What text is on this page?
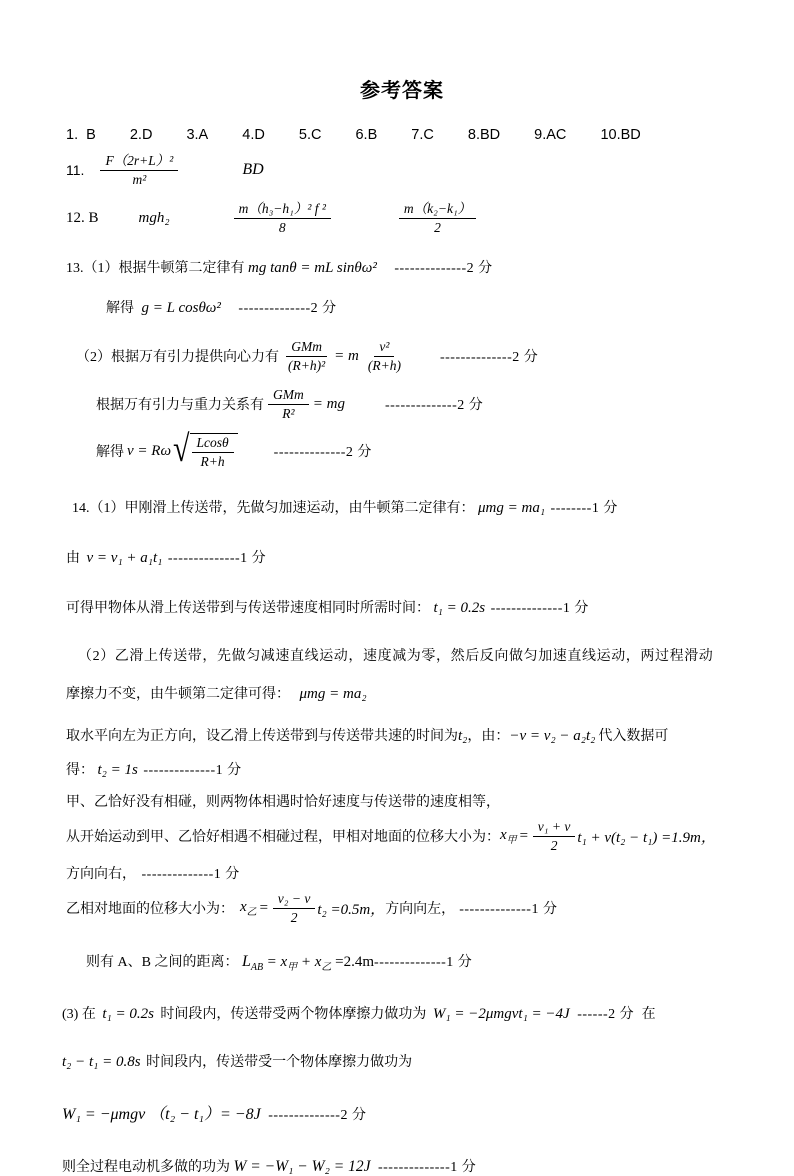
参考答案
1.  B 2.D 3.A 4.D 5.C 6.B 7.C 8.BD 9.AC 10.BD
11. $\frac{\text{F（2r+L）²}}{\text{m²}}$	BD
12. B	mgh₂	$\frac{\text{m（h₃−h₁）² f ²}}{8}$	$\frac{\text{m（k₂−k₁）}}{2}$

13.（1）根据牛顿第二定律有 mg tanθ = mL sinθω² --------------2 分

解得 g = L cosθω² --------------2 分

（2）根据万有引力提供向心力有 $\frac{\text{GMm}}{\text{(R+h)²}} = m \frac{\text{v²}}{(R+h)} --------------2$ 分
根据万有引力与重力关系有 $\frac{\text{GMm}}{\text{R²}}$ = mg	--------------2 分
解得 v = Rω √ $\frac{Lcos\theta}{R+h}$	--------------2 分

14.（1）甲刚滑上传送带，先做匀加速运动，由牛顿第二定律有： μmg = ma₁ --------1 分

由 v = v₁ + a₁t₁ --------------1 分

可得甲物体从滑上传送带到与传送带速度相同时所需时间： t₁ = 0.2s --------------1 分

（2）乙滑上传送带，先做匀减速直线运动，速度减为零，然后反向做匀加速直线运动，两过程滑动

摩擦力不变，由牛顿第二定律可得： μmg = ma₂

取水平向左为正方向，设乙滑上传送带到与传送带共速的时间为t₂，由：−v = v₂ − a₂t₂ 代入数据可

得： t₂ = 1s --------------1 分

甲、乙恰好没有相碰，则两物体相遇时恰好速度与传送带的速度相等，

从开始运动到甲、乙恰好相遇不相碰过程，甲相对地面的位移大小为： $x_甲 = \frac{\text{v₁ + v}}{2} t_1 + v(t_2 - t_1) =1.9m$，

方向向右， --------------1 分

乙相对地面的位移大小为： $x_乙 = \frac{\text{v₂ − v}}{2} t_2 =0.5m$， 方向向左， --------------1 分

则有 A、B 之间的距离： $L_{AB} = x_甲 + x_乙 =2.4m--------------1$ 分

(3) 在 t₁ = 0.2s 时间段内，传送带受两个物体摩擦力做功为 W₁ = −2μmgvt₁ = −4J ------2 分 在

t₂ − t₁ = 0.8s 时间段内，传送带受一个物体摩擦力做功为

W₁ = −μmgv （t₂ − t₁）= −8J --------------2 分

则全过程电动机多做的功为 W = −W₁ − W₂ = 12J --------------1 分
